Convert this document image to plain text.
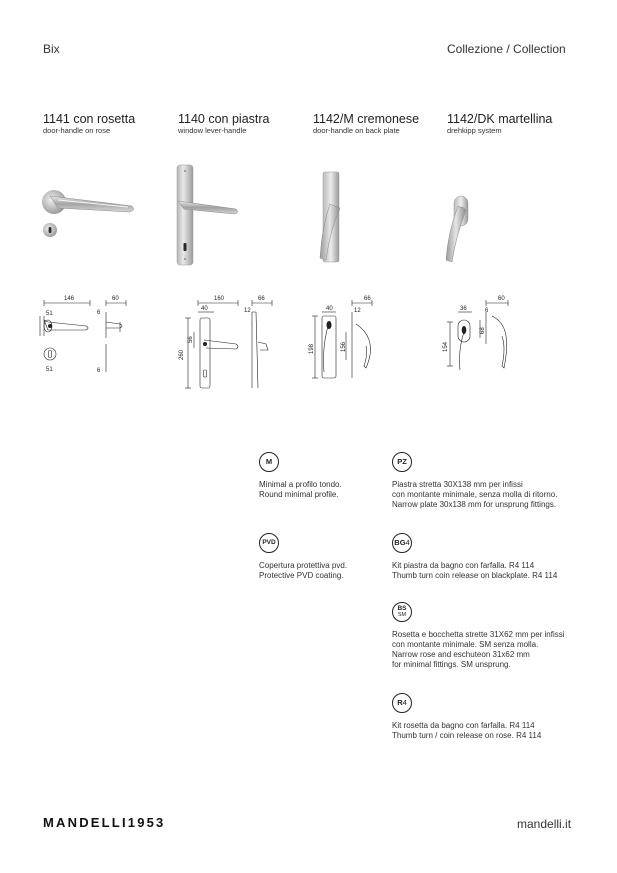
Bix	Collezione / Collection
1141 con rosetta
door-handle on rose
1140 con piastra
window lever-handle
1142/M cremonese
door-handle on back plate
1142/DK martellina
drehkipp system
146	60
51	6
51	6
160	66
40	12
260
56
40
66
12
198	156
36	6
60
154
68
M
Minimal a profilo tondo.
Round minimal profile.
PVD
Copertura protettiva pvd.
Protective PVD coating.
PZ
Piastra stretta 30X138 mm per infissi
con montante minimale, senza molla di ritorno.
Narrow plate 30x138 mm for unsprung fittings.
BG 4
Kit piastra da bagno con farfalla. R4 114
Thumb turn coin release on blackplate. R4 114
BS
SM
Rosetta e bocchetta strette 31X62 mm per infissi
con montante minimale. SM senza molla.
Narrow rose and eschuteon 31x62 mm
for minimal fittings. SM unsprung.
R 4
Kit rosetta da bagno con farfalla. R4 114
Thumb turn / coin release on rose. R4 114
MANDELLI1953	mandelli.it
